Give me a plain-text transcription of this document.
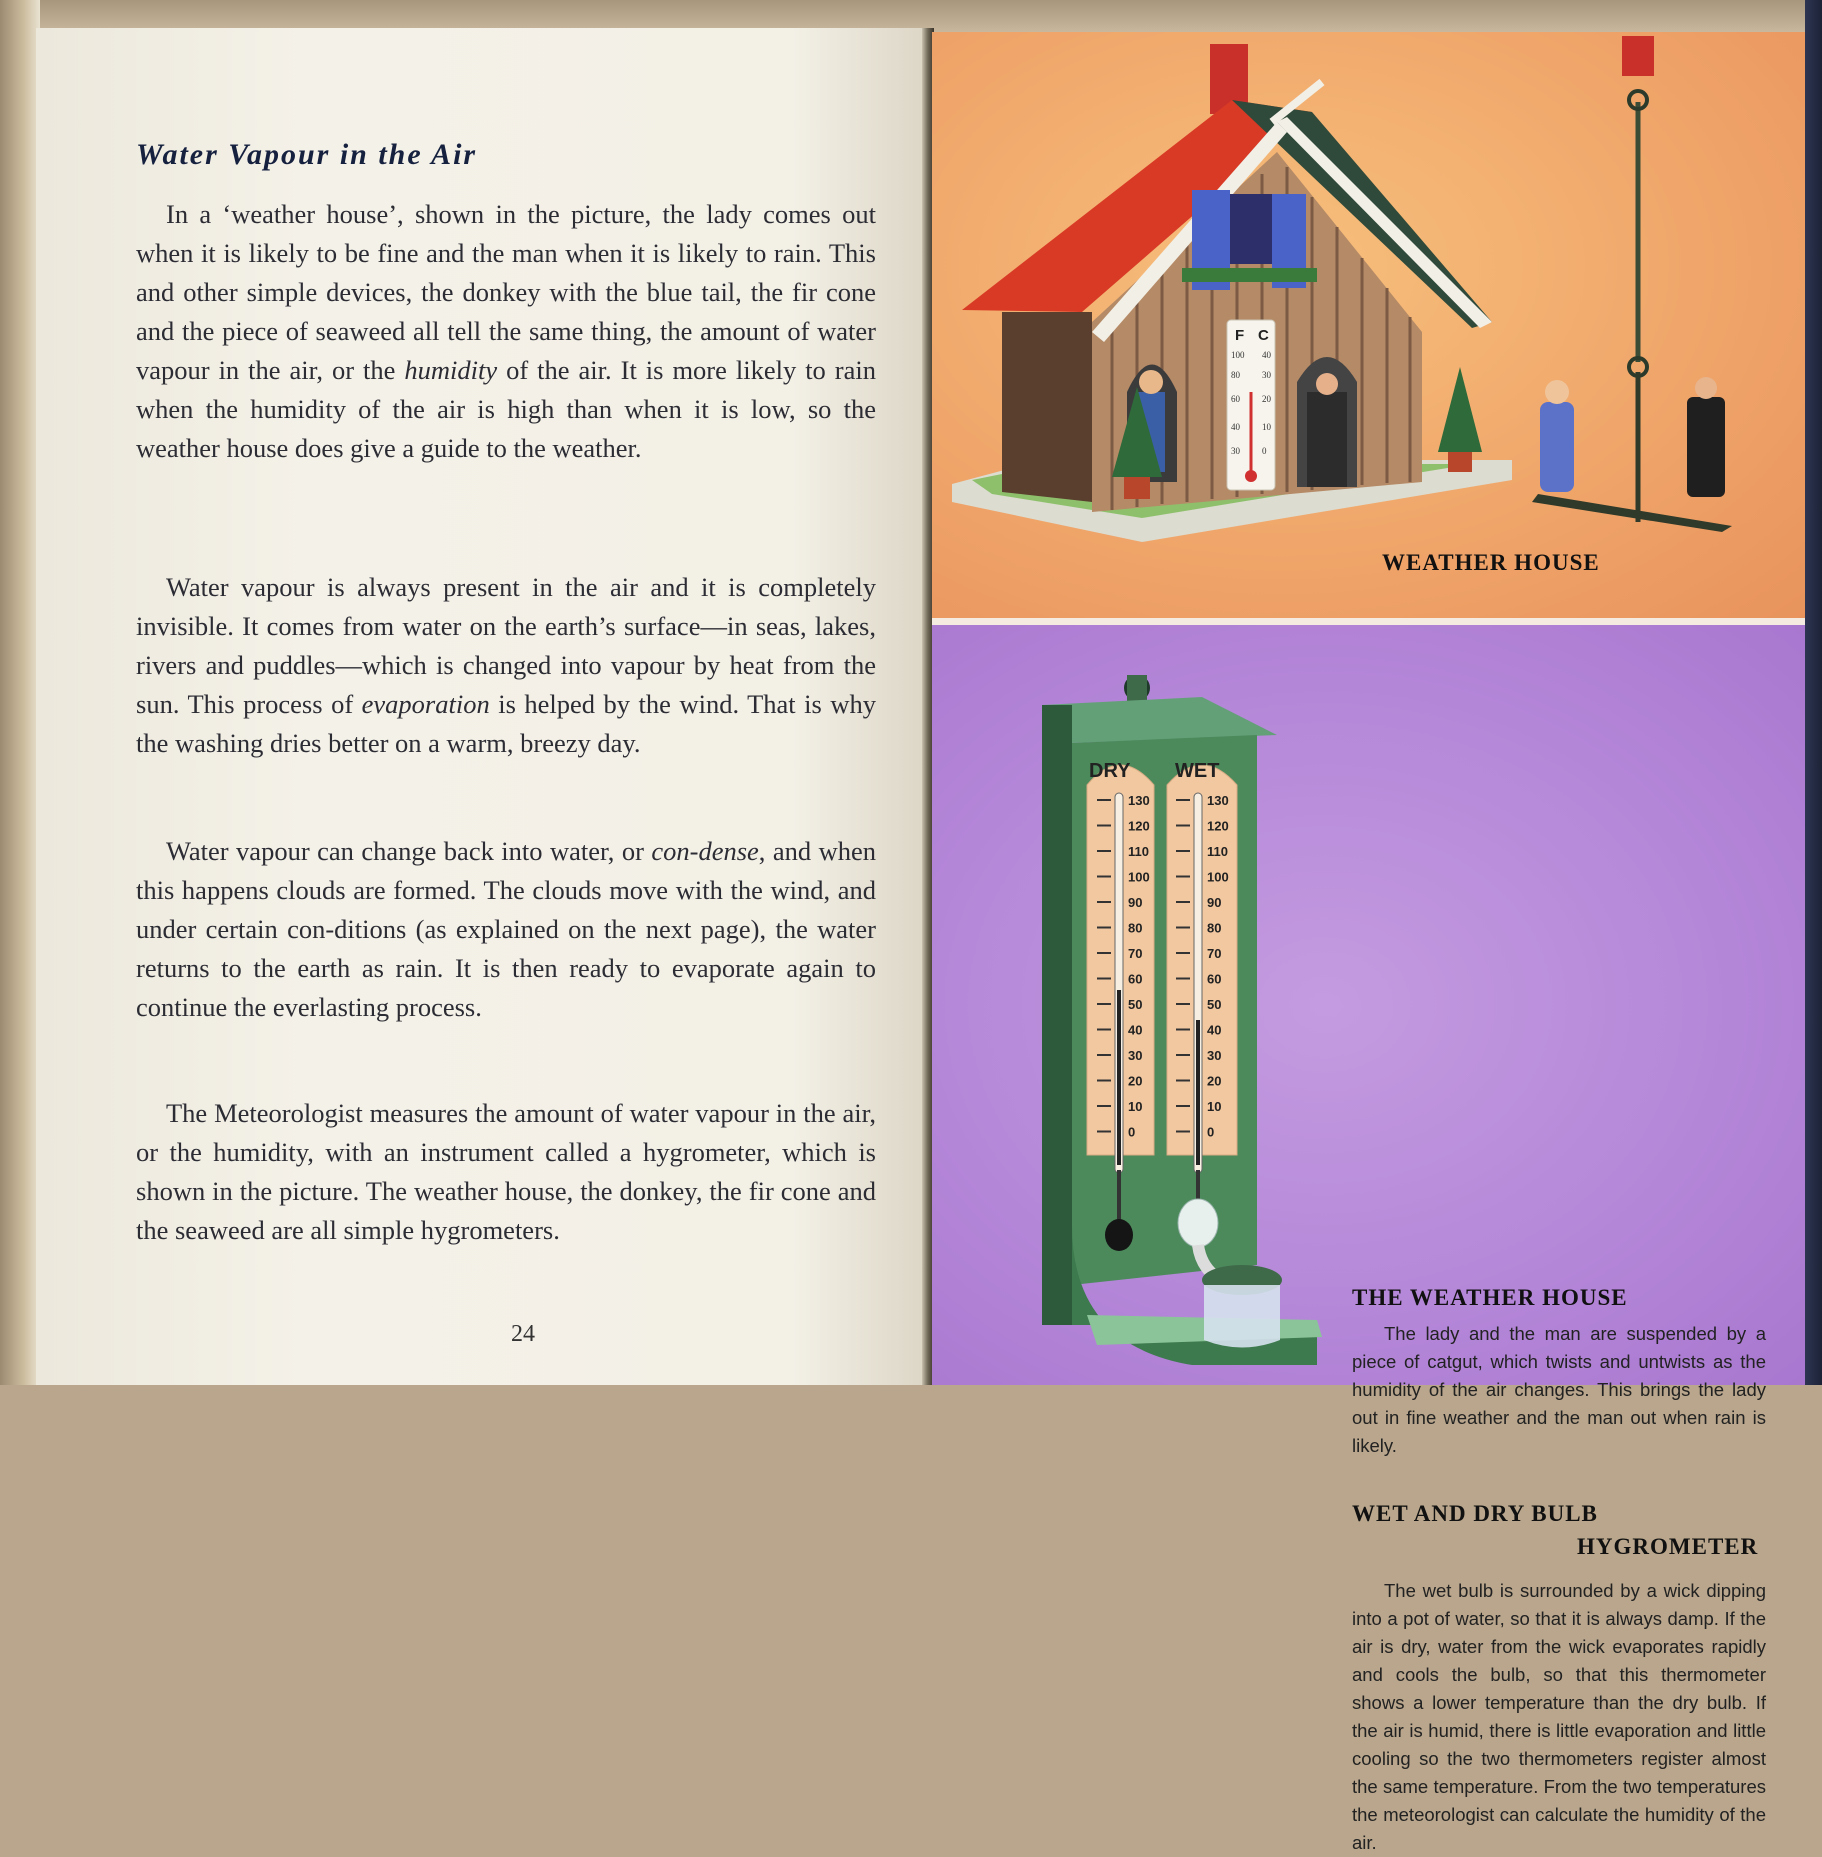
Water Vapour in the Air

In a ‘weather house’, shown in the picture, the lady comes out when it is likely to be fine and the man when it is likely to rain. This and other simple devices, the donkey with the blue tail, the fir cone and the piece of seaweed all tell the same thing, the amount of water vapour in the air, or the humidity of the air. It is more likely to rain when the humidity of the air is high than when it is low, so the weather house does give a guide to the weather.

Water vapour is always present in the air and it is completely invisible. It comes from water on the earth’s surface—in seas, lakes, rivers and puddles—which is changed into vapour by heat from the sun. This process of evaporation is helped by the wind. That is why the washing dries better on a warm, breezy day.

Water vapour can change back into water, or con-dense, and when this happens clouds are formed. The clouds move with the wind, and under certain con-ditions (as explained on the next page), the water returns to the earth as rain. It is then ready to evaporate again to continue the everlasting process.

The Meteorologist measures the amount of water vapour in the air, or the humidity, with an instrument called a hygrometer, which is shown in the picture. The weather house, the donkey, the fir cone and the seaweed are all simple hygrometers.

24
F C
100
80
60
40
30
40
30
20
10
0
WEATHER HOUSE
DRY WET
130
120
110
100
90
80
70
60
50
40
30
20
10
0
130
120
110
100
90
80
70
60
50
40
30
20
10
0
THE WEATHER HOUSE

The lady and the man are suspended by a piece of catgut, which twists and untwists as the humidity of the air changes. This brings the lady out in fine weather and the man out when rain is likely.

WET AND DRY BULB
HYGROMETER

The wet bulb is surrounded by a wick dipping into a pot of water, so that it is always damp. If the air is dry, water from the wick evaporates rapidly and cools the bulb, so that this thermometer shows a lower temperature than the dry bulb. If the air is humid, there is little evaporation and little cooling so the two thermometers register almost the same temperature. From the two temperatures the meteorologist can calculate the humidity of the air.
